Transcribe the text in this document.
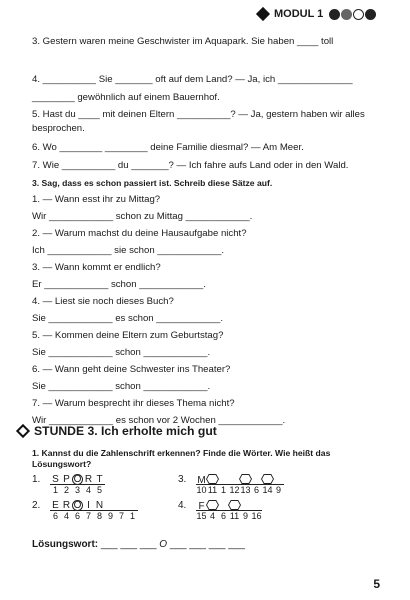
MODUL 1
3. Gestern waren meine Geschwister im Aquapark. Sie haben ____ toll
4. __________ Sie _______ oft auf dem Land? — Ja, ich ______________
________ gewöhnlich auf einem Bauernhof.
5. Hast du ____ mit deinen Eltern __________? — Ja, gestern haben wir alles
besprochen.
6. Wo ________ ________ deine Familie diesmal? — Am Meer.
7. Wie __________ du _______? — Ich fahre aufs Land oder in den Wald.
3. Sag, dass es schon passiert ist. Schreib diese Sätze auf.
1. — Wann esst ihr zu Mittag?
Wir ____________ schon zu Mittag ____________.
2. — Warum machst du deine Hausaufgabe nicht?
Ich ____________ sie schon ____________.
3. — Wann kommt er endlich?
Er ____________ schon ____________.
4. — Liest sie noch dieses Buch?
Sie ____________ es schon ____________.
5. — Kommen deine Eltern zum Geburtstag?
Sie ____________ schon ____________.
6. — Wann geht deine Schwester ins Theater?
Sie ____________ schon ____________.
7. — Warum besprecht ihr dieses Thema nicht?
Wir ____________ es schon vor 2 Wochen ____________.
STUNDE 3. Ich erholte mich gut
1. Kannst du die Zahlenschrift erkennen? Finde die Wörter. Wie heißt das Lösungswort?
1. S P O R T
1 2 3 4 5
2. E R O I N
6 4 6 7 8 9 7 1
3. M
1011 1 1213 6 14 9
4. F
15 4 6 11 9 16
Lösungswort: ___ ___ ___ O ___ ___ ___ ___
5
